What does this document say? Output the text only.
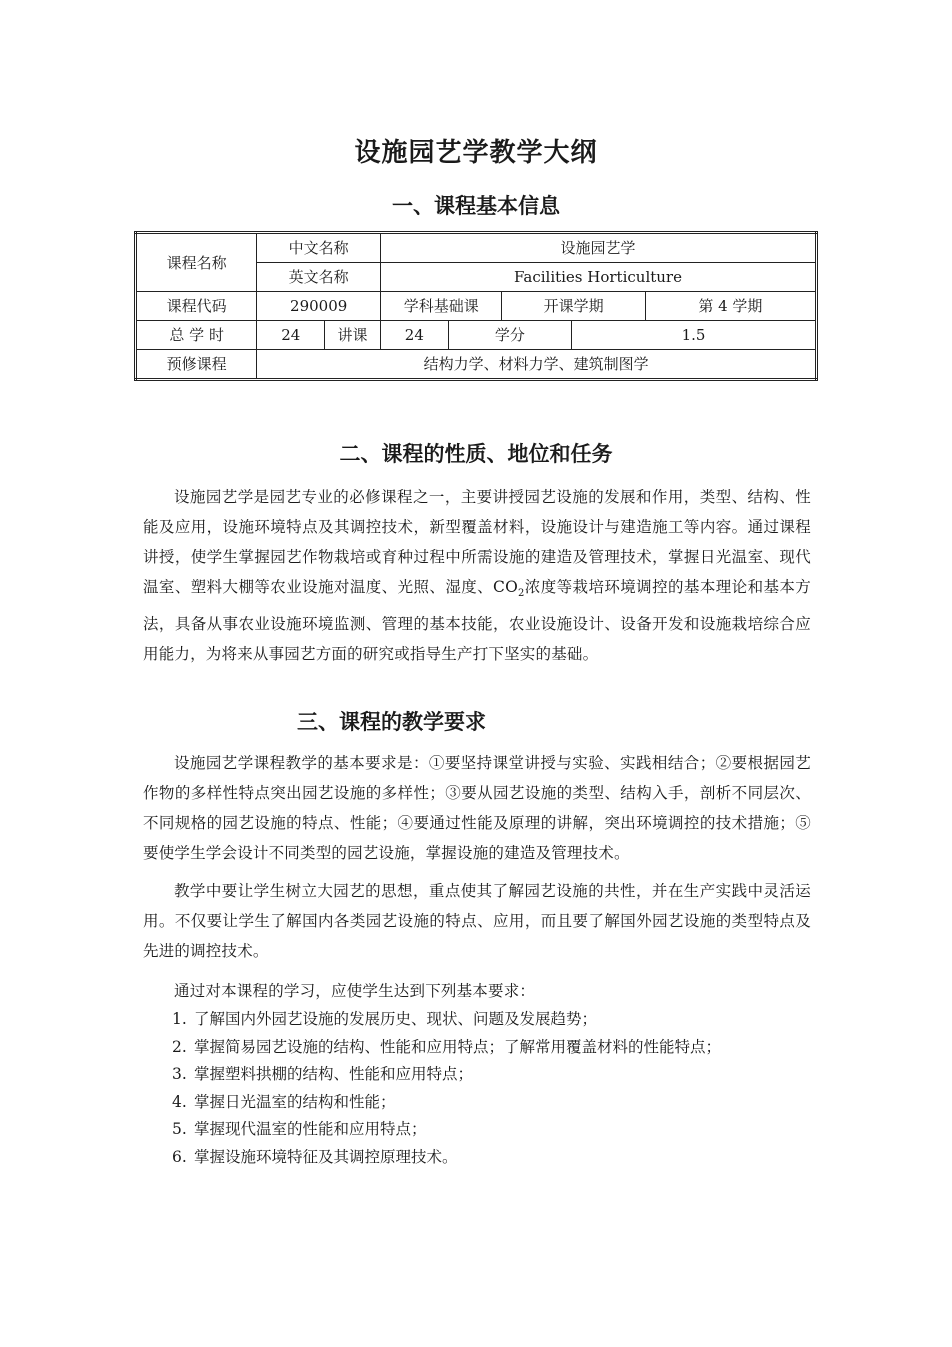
设施园艺学教学大纲
一、课程基本信息
课程名称	中文名称		设施园艺学				
	英文名称		Facilities Horticulture				
课程代码	290009		学科基础课		开课学期		第 4 学期
总 学 时	24	讲课	24	学分		1.5	
预修课程	结构力学、材料力学、建筑制图学						
二、课程的性质、地位和任务

设施园艺学是园艺专业的必修课程之一，主要讲授园艺设施的发展和作用，类型、结构、性能及应用，设施环境特点及其调控技术，新型覆盖材料，设施设计与建造施工等内容。通过课程讲授，使学生掌握园艺作物栽培或育种过程中所需设施的建造及管理技术，掌握日光温室、现代温室、塑料大棚等农业设施对温度、光照、湿度、$CO_2$浓度等栽培环境调控的基本理论和基本方法，具备从事农业设施环境监测、管理的基本技能，农业设施设计、设备开发和设施栽培综合应用能力，为将来从事园艺方面的研究或指导生产打下坚实的基础。

三、课程的教学要求

设施园艺学课程教学的基本要求是：①要坚持课堂讲授与实验、实践相结合；②要根据园艺作物的多样性特点突出园艺设施的多样性；③要从园艺设施的类型、结构入手，剖析不同层次、不同规格的园艺设施的特点、性能；④要通过性能及原理的讲解，突出环境调控的技术措施；⑤要使学生学会设计不同类型的园艺设施，掌握设施的建造及管理技术。

教学中要让学生树立大园艺的思想，重点使其了解园艺设施的共性，并在生产实践中灵活运用。不仅要让学生了解国内各类园艺设施的特点、应用，而且要了解国外园艺设施的类型特点及先进的调控技术。

通过对本课程的学习，应使学生达到下列基本要求：

1. 了解国内外园艺设施的发展历史、现状、问题及发展趋势；
2. 掌握简易园艺设施的结构、性能和应用特点；了解常用覆盖材料的性能特点；
3. 掌握塑料拱棚的结构、性能和应用特点；
4. 掌握日光温室的结构和性能；
5. 掌握现代温室的性能和应用特点；
6. 掌握设施环境特征及其调控原理技术。
